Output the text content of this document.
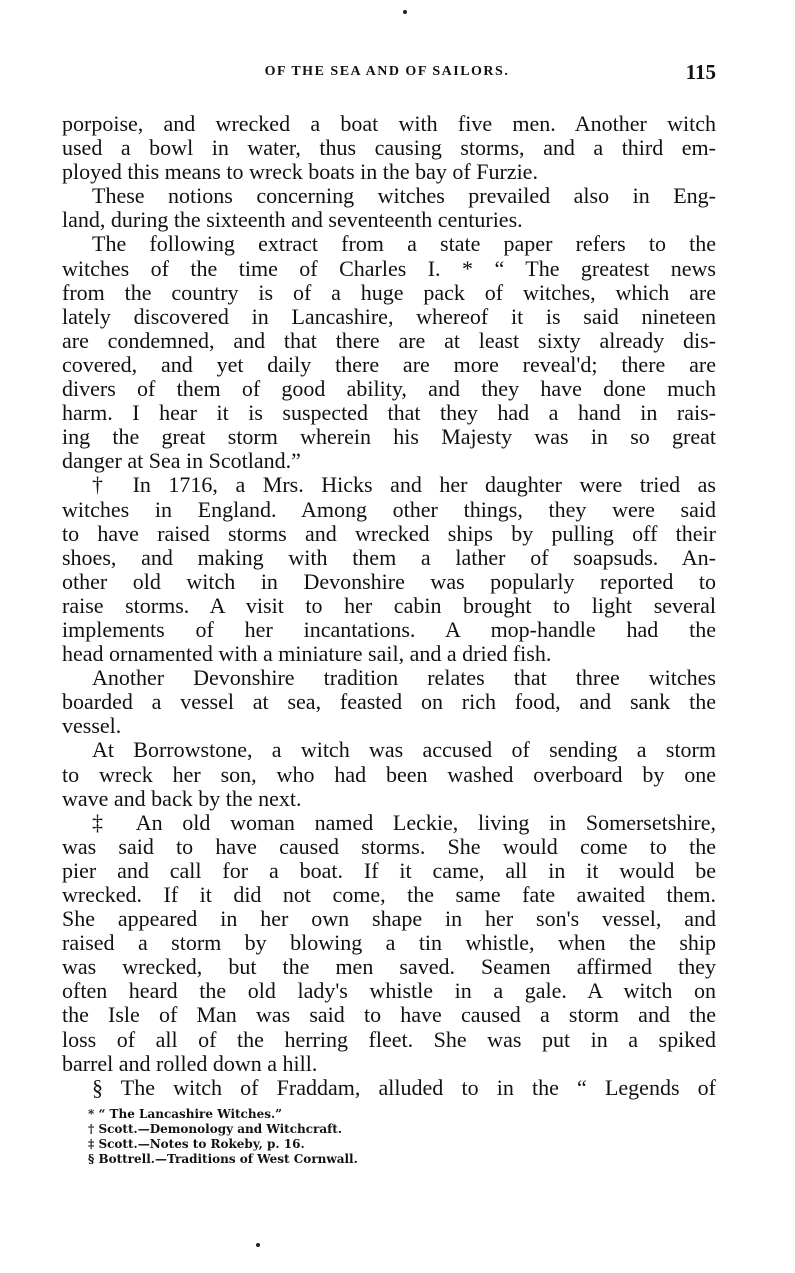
OF THE SEA AND OF SAILORS.	115
porpoise, and wrecked a boat with five men. Another witch
used a bowl in water, thus causing storms, and a third em-
ployed this means to wreck boats in the bay of Furzie.
These notions concerning witches prevailed also in Eng-
land, during the sixteenth and seventeenth centuries.
The following extract from a state paper refers to the
witches of the time of Charles I. * “ The greatest news
from the country is of a huge pack of witches, which are
lately discovered in Lancashire, whereof it is said nineteen
are condemned, and that there are at least sixty already dis-
covered, and yet daily there are more reveal'd; there are
divers of them of good ability, and they have done much
harm. I hear it is suspected that they had a hand in rais-
ing the great storm wherein his Majesty was in so great
danger at Sea in Scotland.”
† In 1716, a Mrs. Hicks and her daughter were tried as
witches in England. Among other things, they were said
to have raised storms and wrecked ships by pulling off their
shoes, and making with them a lather of soapsuds. An-
other old witch in Devonshire was popularly reported to
raise storms. A visit to her cabin brought to light several
implements of her incantations. A mop-handle had the
head ornamented with a miniature sail, and a dried fish.
Another Devonshire tradition relates that three witches
boarded a vessel at sea, feasted on rich food, and sank the
vessel.
At Borrowstone, a witch was accused of sending a storm
to wreck her son, who had been washed overboard by one
wave and back by the next.
‡ An old woman named Leckie, living in Somersetshire,
was said to have caused storms. She would come to the
pier and call for a boat. If it came, all in it would be
wrecked. If it did not come, the same fate awaited them.
She appeared in her own shape in her son's vessel, and
raised a storm by blowing a tin whistle, when the ship
was wrecked, but the men saved. Seamen affirmed they
often heard the old lady's whistle in a gale. A witch on
the Isle of Man was said to have caused a storm and the
loss of all of the herring fleet. She was put in a spiked
barrel and rolled down a hill.
§ The witch of Fraddam, alluded to in the “ Legends of
* “ The Lancashire Witches.”
† Scott.—Demonology and Witchcraft.
‡ Scott.—Notes to Rokeby, p. 16.
§ Bottrell.—Traditions of West Cornwall.
